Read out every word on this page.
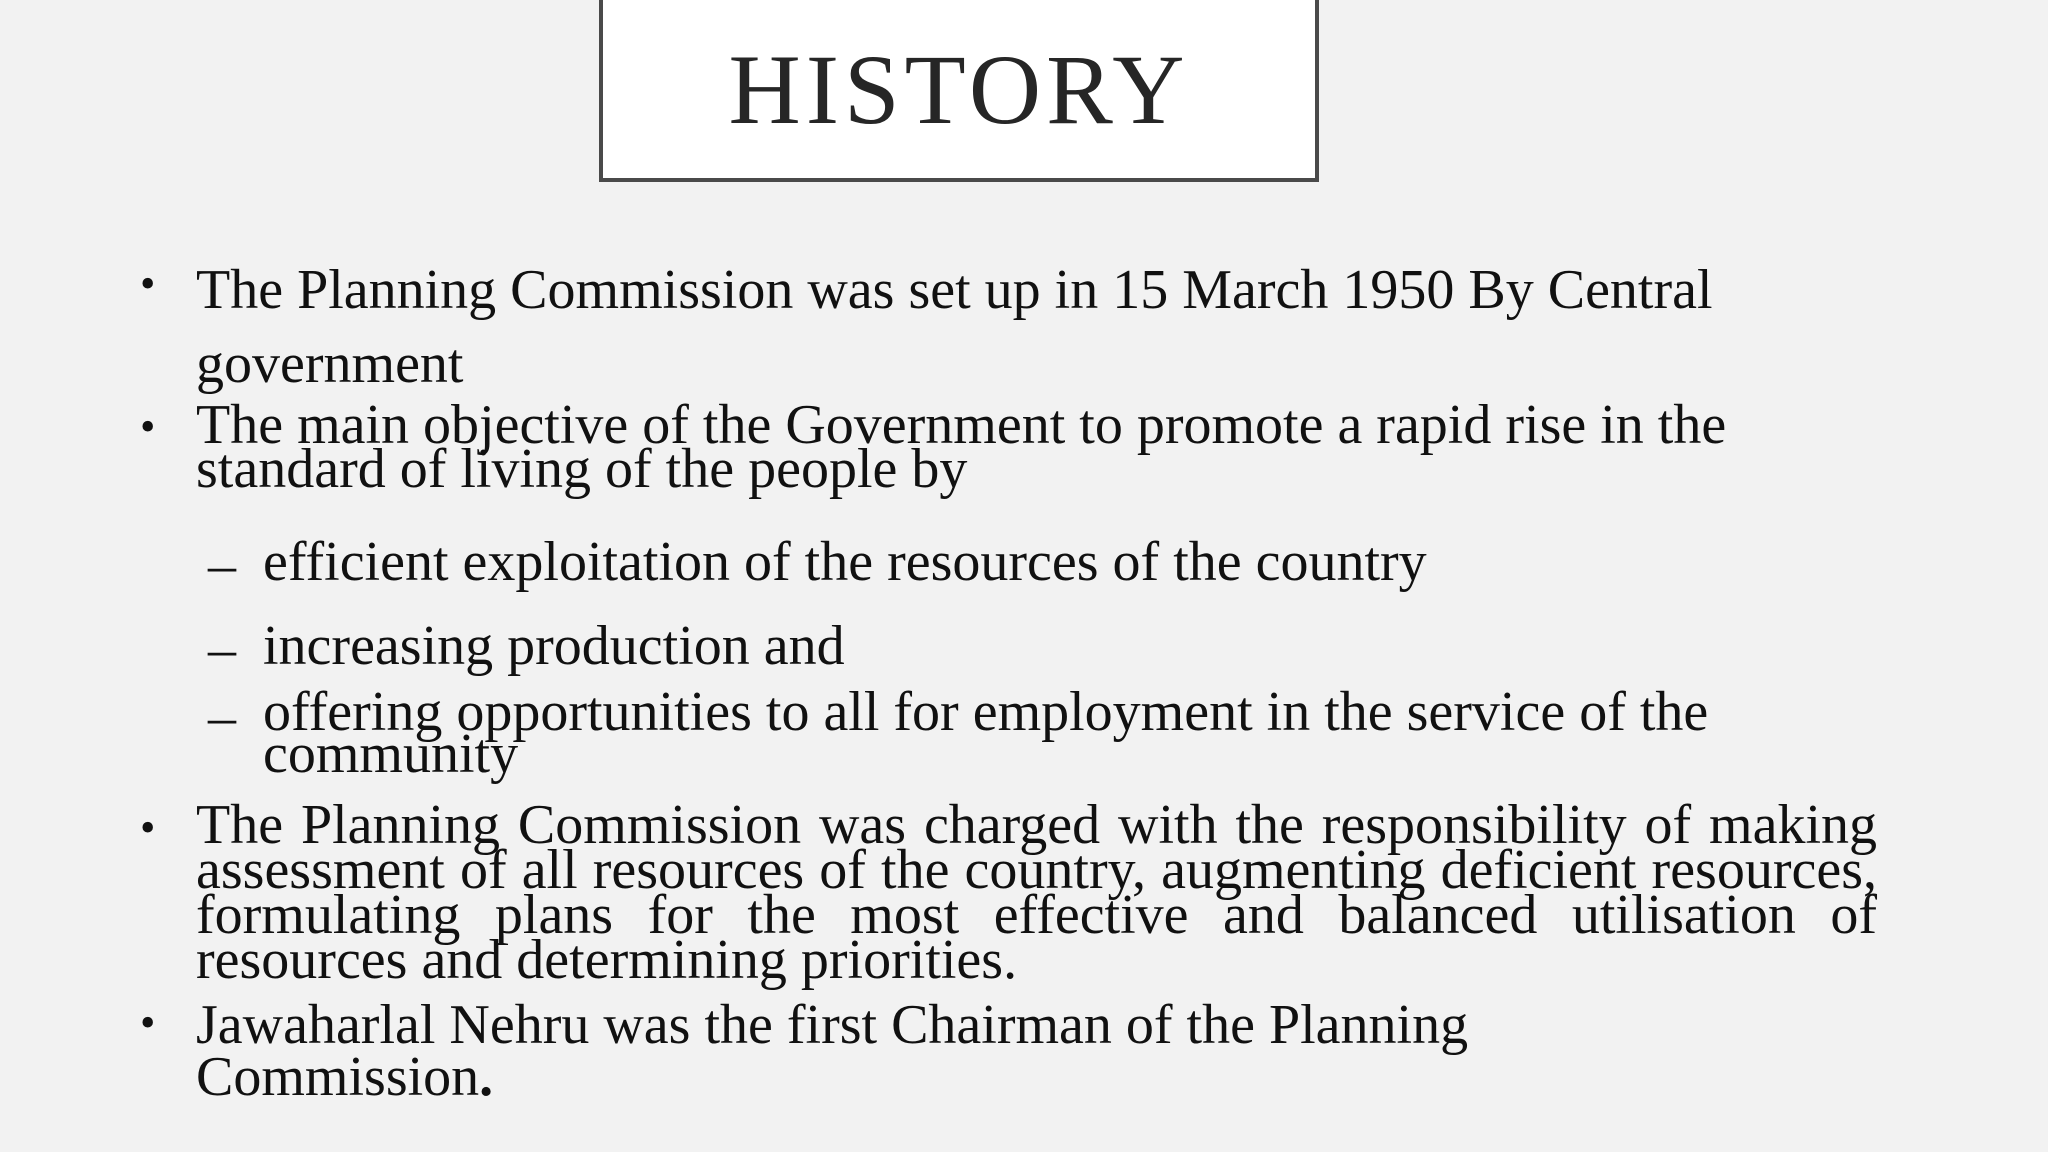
HISTORY
• The Planning Commission was set up in 15 March 1950 By Central government
• The main objective of the Government to promote a rapid rise in the standard of living of the people by
– efficient exploitation of the resources of the country
– increasing production and
– offering opportunities to all for employment in the service of the community
• The Planning Commission was charged with the responsibility of making assessment of all resources of the country, augmenting deficient resources, formulating plans for the most effective and balanced utilisation of resources and determining priorities.
• Jawaharlal Nehru was the first Chairman of the Planning Commission.
